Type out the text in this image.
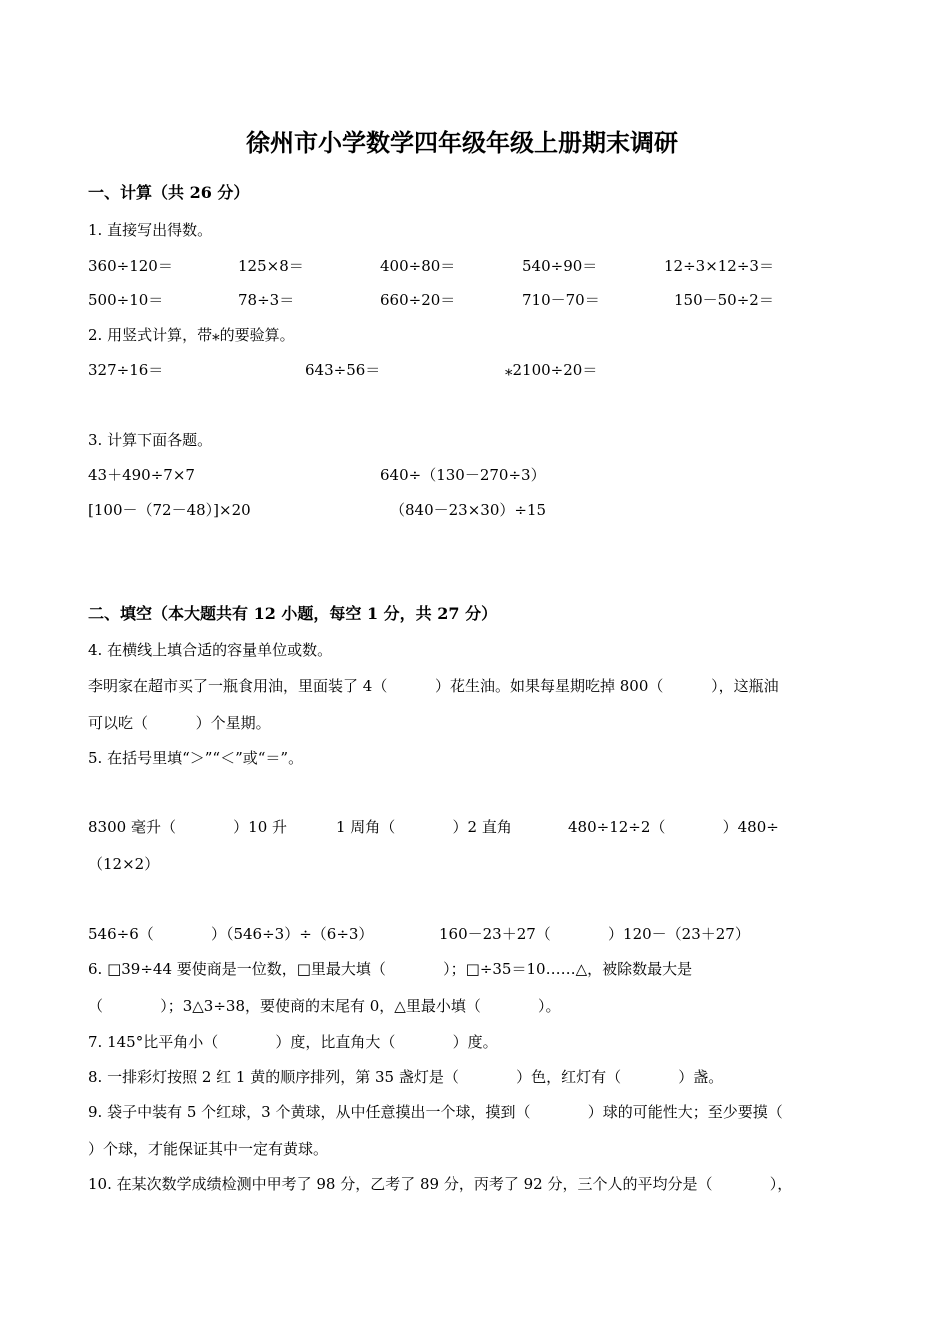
徐州市小学数学四年级年级上册期末调研
一、计算（共 26 分）
1. 直接写出得数。
360÷120＝	125×8＝	400÷80＝	540÷90＝	12÷3×12÷3＝
500÷10＝	78÷3＝	660÷20＝	710－70＝	150－50÷2＝
2. 用竖式计算，带⁎的要验算。
327÷16＝	643÷56＝	⁎2100÷20＝
3. 计算下面各题。
43＋490÷7×7	640÷（130－270÷3）
[100－（72－48）]×20	（840－23×30）÷15
二、填空（本大题共有 12 小题，每空 1 分，共 27 分）
4. 在横线上填合适的容量单位或数。
李明家在超市买了一瓶食用油，里面装了 4（          ）花生油。如果每星期吃掉 800（          ），这瓶油
可以吃（          ）个星期。
5. 在括号里填“＞”“＜”或“＝”。
8300 毫升（            ）10 升	1 周角（            ）2 直角	480÷12÷2（            ）480÷
（12×2）
546÷6（            ）（546÷3）÷（6÷3）	160－23＋27（            ）120－（23＋27）
6. □39÷44 要使商是一位数，□里最大填（            ）；□÷35＝10……△，被除数最大是
（            ）；3△3÷38，要使商的末尾有 0，△里最小填（            ）。
7. 145°比平角小（            ）度，比直角大（            ）度。
8. 一排彩灯按照 2 红 1 黄的顺序排列，第 35 盏灯是（            ）色，红灯有（            ）盏。
9. 袋子中装有 5 个红球，3 个黄球，从中任意摸出一个球，摸到（            ）球的可能性大；至少要摸（
）个球，才能保证其中一定有黄球。
10. 在某次数学成绩检测中甲考了 98 分，乙考了 89 分，丙考了 92 分，三个人的平均分是（            ），
